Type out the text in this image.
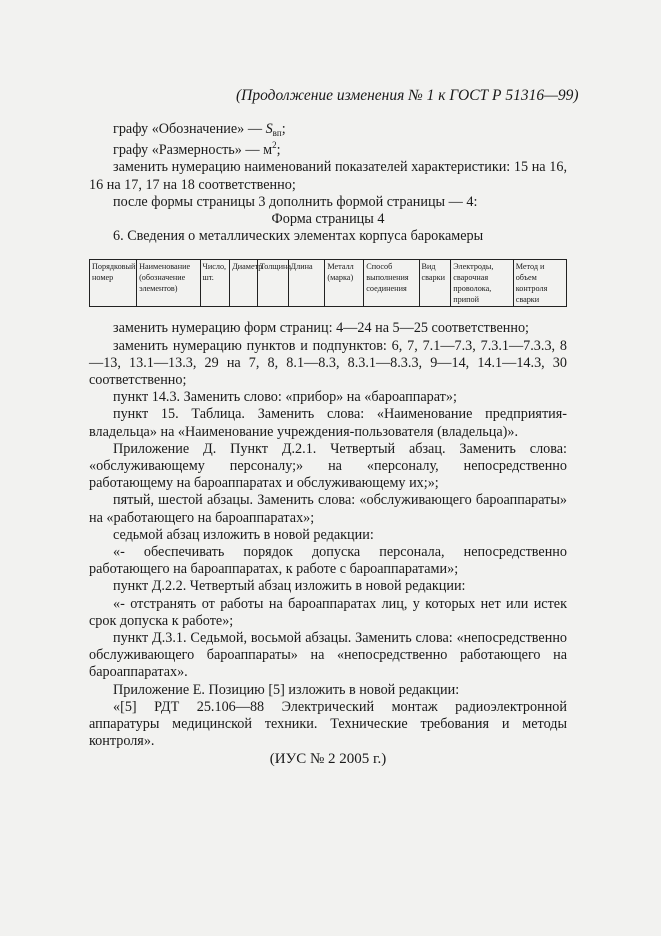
(Продолжение изменения № 1 к ГОСТ Р 51316—99)

графу «Обозначение» — $S_{вп}$;

графу «Размерность» — $м^2$;

заменить нумерацию наименований показателей характеристики: 15 на 16, 16 на 17, 17 на 18 соответственно;

после формы страницы 3 дополнить формой страницы — 4:

Форма страницы 4

6. Сведения о металлических элементах корпуса барокамеры

Порядковый номер	Наименование (обозначение элементов)	Число, шт.	Диаметр	Толщина	Длина	Металл (марка)	Способ выполнения соединения	Вид сварки	Электроды, сварочная проволока, припой	Метод и объем контроля сварки

заменить нумерацию форм страниц: 4—24 на 5—25 соответственно;

заменить нумерацию пунктов и подпунктов: 6, 7, 7.1—7.3, 7.3.1—7.3.3, 8—13, 13.1—13.3, 29 на 7, 8, 8.1—8.3, 8.3.1—8.3.3, 9—14, 14.1—14.3, 30 соответственно;

пункт 14.3. Заменить слово: «прибор» на «бароаппарат»;

пункт 15. Таблица. Заменить слова: «Наименование предприятия-владельца» на «Наименование учреждения-пользователя (владельца)».

Приложение Д. Пункт Д.2.1. Четвертый абзац. Заменить слова: «обслуживающему персоналу;» на «персоналу, непосредственно работающему на бароаппаратах и обслуживающему их;»;

пятый, шестой абзацы. Заменить слова: «обслуживающего бароаппараты» на «работающего на бароаппаратах»;

седьмой абзац изложить в новой редакции:

«- обеспечивать порядок допуска персонала, непосредственно работающего на бароаппаратах, к работе с бароаппаратами»;

пункт Д.2.2. Четвертый абзац изложить в новой редакции:

«- отстранять от работы на бароаппаратах лиц, у которых нет или истек срок допуска к работе»;

пункт Д.3.1. Седьмой, восьмой абзацы. Заменить слова: «непосредственно обслуживающего бароаппараты» на «непосредственно работающего на бароаппаратах».

Приложение Е. Позицию [5] изложить в новой редакции:

«[5] РДТ 25.106—88 Электрический монтаж радиоэлектронной аппаратуры медицинской техники. Технические требования и методы контроля».

(ИУС № 2 2005 г.)
